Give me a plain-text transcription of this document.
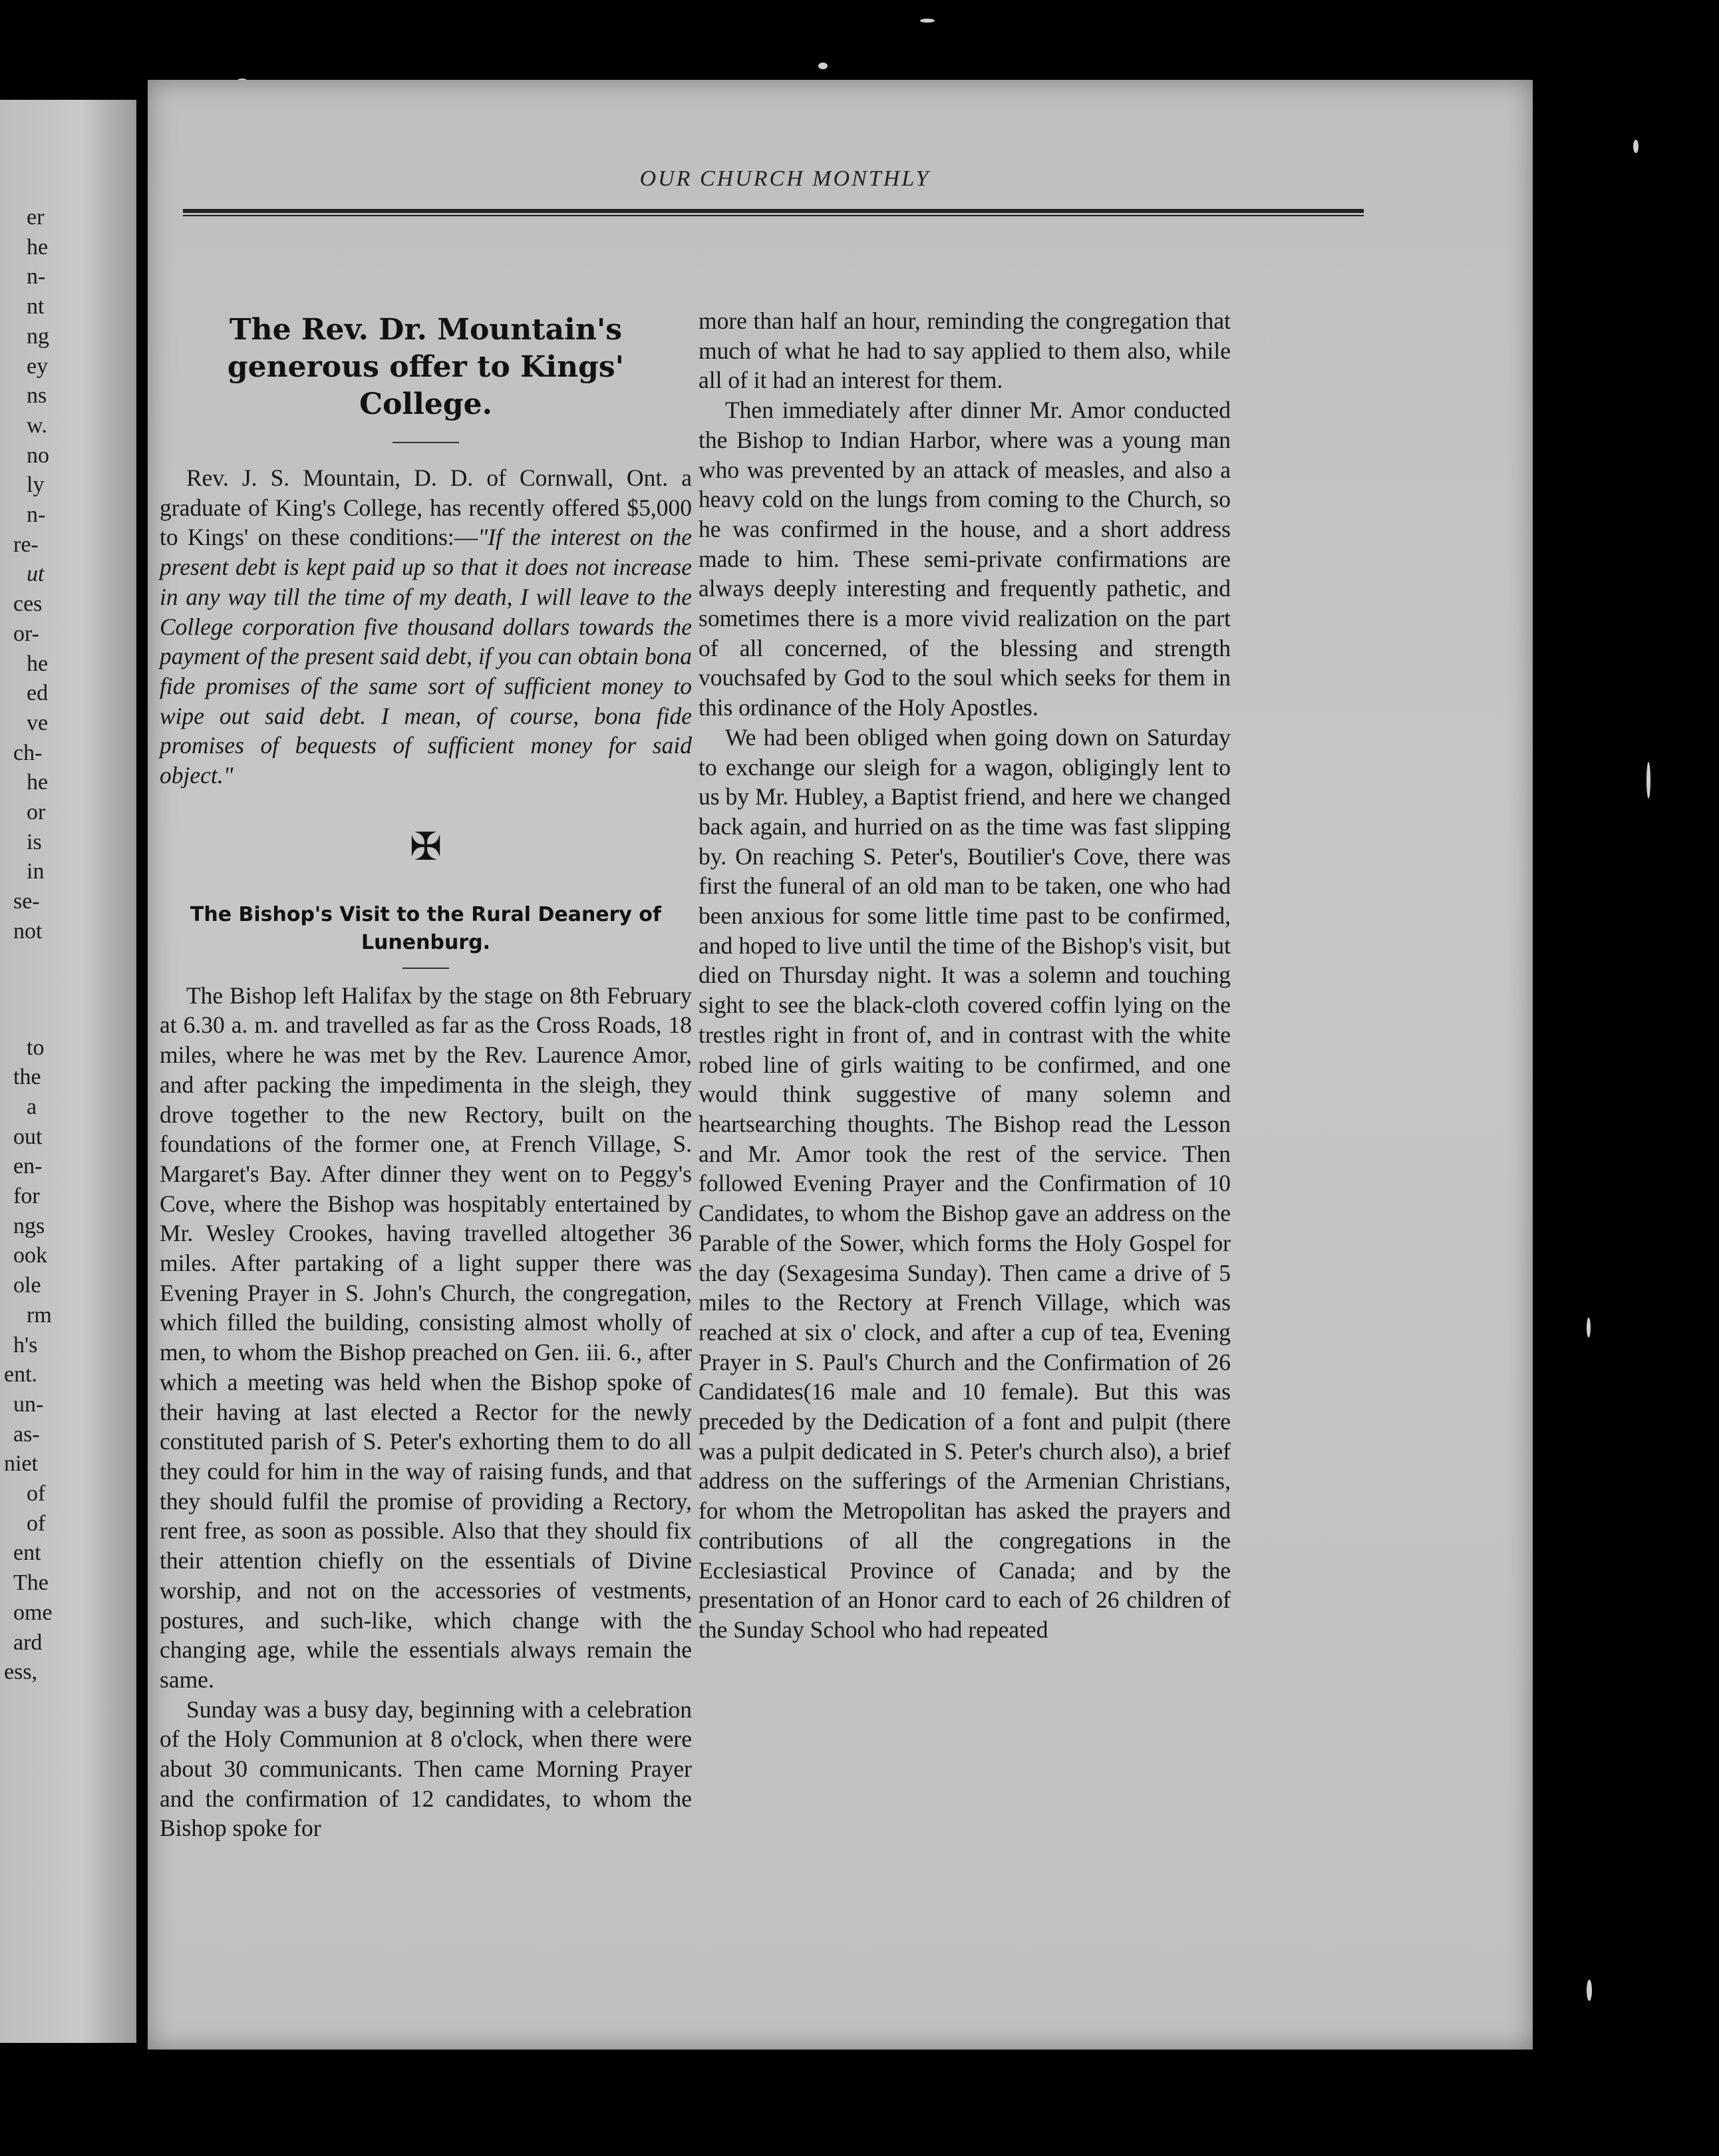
er
he
n-
nt
ng
ey
ns
w.
no
ly
n-
re-
ut
ces
or-
he
ed
ve
ch-
he
or
is
in
se-
not
to
the
a
out
en-
for
ngs
ook
ole
rm
h's
ent.
un-
as-
niet
of
of
ent
The
ome
ard
ess,
OUR CHURCH MONTHLY
The Rev. Dr. Mountain's generous offer to Kings' College.

Rev. J. S. Mountain, D. D. of Cornwall, Ont. a graduate of King's College, has recently offered $5,000 to Kings' on these conditions:—"If the interest on the present debt is kept paid up so that it does not increase in any way till the time of my death, I will leave to the College corporation five thousand dollars towards the payment of the present said debt, if you can obtain bona fide promises of the same sort of sufficient money to wipe out said debt. I mean, of course, bona fide promises of bequests of sufficient money for said object."

✠
The Bishop's Visit to the Rural Deanery of Lunenburg.

The Bishop left Halifax by the stage on 8th February at 6.30 a. m. and travelled as far as the Cross Roads, 18 miles, where he was met by the Rev. Laurence Amor, and after packing the impedimenta in the sleigh, they drove together to the new Rectory, built on the foundations of the former one, at French Village, S. Margaret's Bay. After dinner they went on to Peggy's Cove, where the Bishop was hospitably entertained by Mr. Wesley Crookes, having travelled altogether 36 miles. After partaking of a light supper there was Evening Prayer in S. John's Church, the congregation, which filled the building, consisting almost wholly of men, to whom the Bishop preached on Gen. iii. 6., after which a meeting was held when the Bishop spoke of their having at last elected a Rector for the newly constituted parish of S. Peter's exhorting them to do all they could for him in the way of raising funds, and that they should fulfil the promise of providing a Rectory, rent free, as soon as possible. Also that they should fix their attention chiefly on the essentials of Divine worship, and not on the accessories of vestments, postures, and such-like, which change with the changing age, while the essentials always remain the same.

Sunday was a busy day, beginning with a celebration of the Holy Communion at 8 o'clock, when there were about 30 communicants. Then came Morning Prayer and the confirmation of 12 candidates, to whom the Bishop spoke for

more than half an hour, reminding the congregation that much of what he had to say applied to them also, while all of it had an interest for them.

Then immediately after dinner Mr. Amor conducted the Bishop to Indian Harbor, where was a young man who was prevented by an attack of measles, and also a heavy cold on the lungs from coming to the Church, so he was confirmed in the house, and a short address made to him. These semi-private confirmations are always deeply interesting and frequently pathetic, and sometimes there is a more vivid realization on the part of all concerned, of the blessing and strength vouchsafed by God to the soul which seeks for them in this ordinance of the Holy Apostles.

We had been obliged when going down on Saturday to exchange our sleigh for a wagon, obligingly lent to us by Mr. Hubley, a Baptist friend, and here we changed back again, and hurried on as the time was fast slipping by. On reaching S. Peter's, Boutilier's Cove, there was first the funeral of an old man to be taken, one who had been anxious for some little time past to be confirmed, and hoped to live until the time of the Bishop's visit, but died on Thursday night. It was a solemn and touching sight to see the black-cloth covered coffin lying on the trestles right in front of, and in contrast with the white robed line of girls waiting to be confirmed, and one would think suggestive of many solemn and heartsearching thoughts. The Bishop read the Lesson and Mr. Amor took the rest of the service. Then followed Evening Prayer and the Confirmation of 10 Candidates, to whom the Bishop gave an address on the Parable of the Sower, which forms the Holy Gospel for the day (Sexagesima Sunday). Then came a drive of 5 miles to the Rectory at French Village, which was reached at six o' clock, and after a cup of tea, Evening Prayer in S. Paul's Church and the Confirmation of 26 Candidates(16 male and 10 female). But this was preceded by the Dedication of a font and pulpit (there was a pulpit dedicated in S. Peter's church also), a brief address on the sufferings of the Armenian Christians, for whom the Metropolitan has asked the prayers and contributions of all the congregations in the Ecclesiastical Province of Canada; and by the presentation of an Honor card to each of 26 children of the Sunday School who had repeated
